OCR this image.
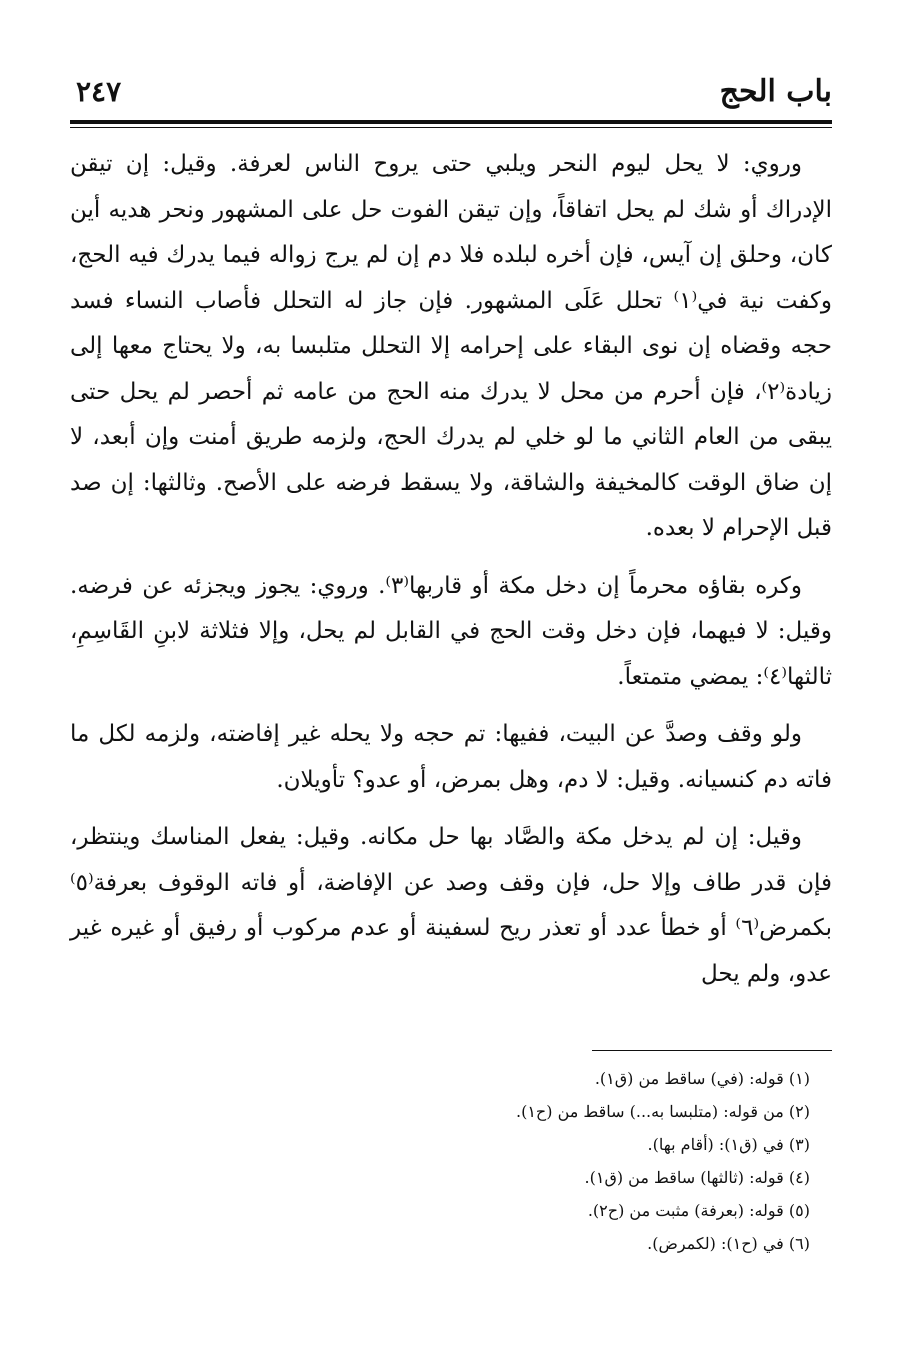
باب الحج
٢٤٧

وروي: لا يحل ليوم النحر ويلبي حتى يروح الناس لعرفة. وقيل: إن تيقن الإدراك أو شك لم يحل اتفاقاً، وإن تيقن الفوت حل على المشهور ونحر هديه أين كان، وحلق إن آيس، فإن أخره لبلده فلا دم إن لم يرج زواله فيما يدرك فيه الحج، وكفت نية في⁽١⁾ تحلل عَلَى المشهور. فإن جاز له التحلل فأصاب النساء فسد حجه وقضاه إن نوى البقاء على إحرامه إلا التحلل متلبسا به، ولا يحتاج معها إلى زيادة⁽٢⁾، فإن أحرم من محل لا يدرك منه الحج من عامه ثم أحصر لم يحل حتى يبقى من العام الثاني ما لو خلي لم يدرك الحج، ولزمه طريق أمنت وإن أبعد، لا إن ضاق الوقت كالمخيفة والشاقة، ولا يسقط فرضه على الأصح. وثالثها: إن صد قبل الإحرام لا بعده.

وكره بقاؤه محرماً إن دخل مكة أو قاربها⁽٣⁾. وروي: يجوز ويجزئه عن فرضه. وقيل: لا فيهما، فإن دخل وقت الحج في القابل لم يحل، وإلا فثلاثة لابنِ القَاسِمِ، ثالثها⁽٤⁾: يمضي متمتعاً.

ولو وقف وصدَّ عن البيت، ففيها: تم حجه ولا يحله غير إفاضته، ولزمه لكل ما فاته دم كنسيانه. وقيل: لا دم، وهل بمرض، أو عدو؟ تأويلان.

وقيل: إن لم يدخل مكة والصَّاد بها حل مكانه. وقيل: يفعل المناسك وينتظر، فإن قدر طاف وإلا حل، فإن وقف وصد عن الإفاضة، أو فاته الوقوف بعرفة⁽٥⁾ بكمرض⁽٦⁾ أو خطأ عدد أو تعذر ريح لسفينة أو عدم مركوب أو رفيق أو غيره غير عدو، ولم يحل

(١) قوله: (في) ساقط من (ق١).
(٢) من قوله: (متلبسا به...) ساقط من (ح١).
(٣) في (ق١): (أقام بها).
(٤) قوله: (ثالثها) ساقط من (ق١).
(٥) قوله: (بعرفة) مثبت من (ح٢).
(٦) في (ح١): (لكمرض).
